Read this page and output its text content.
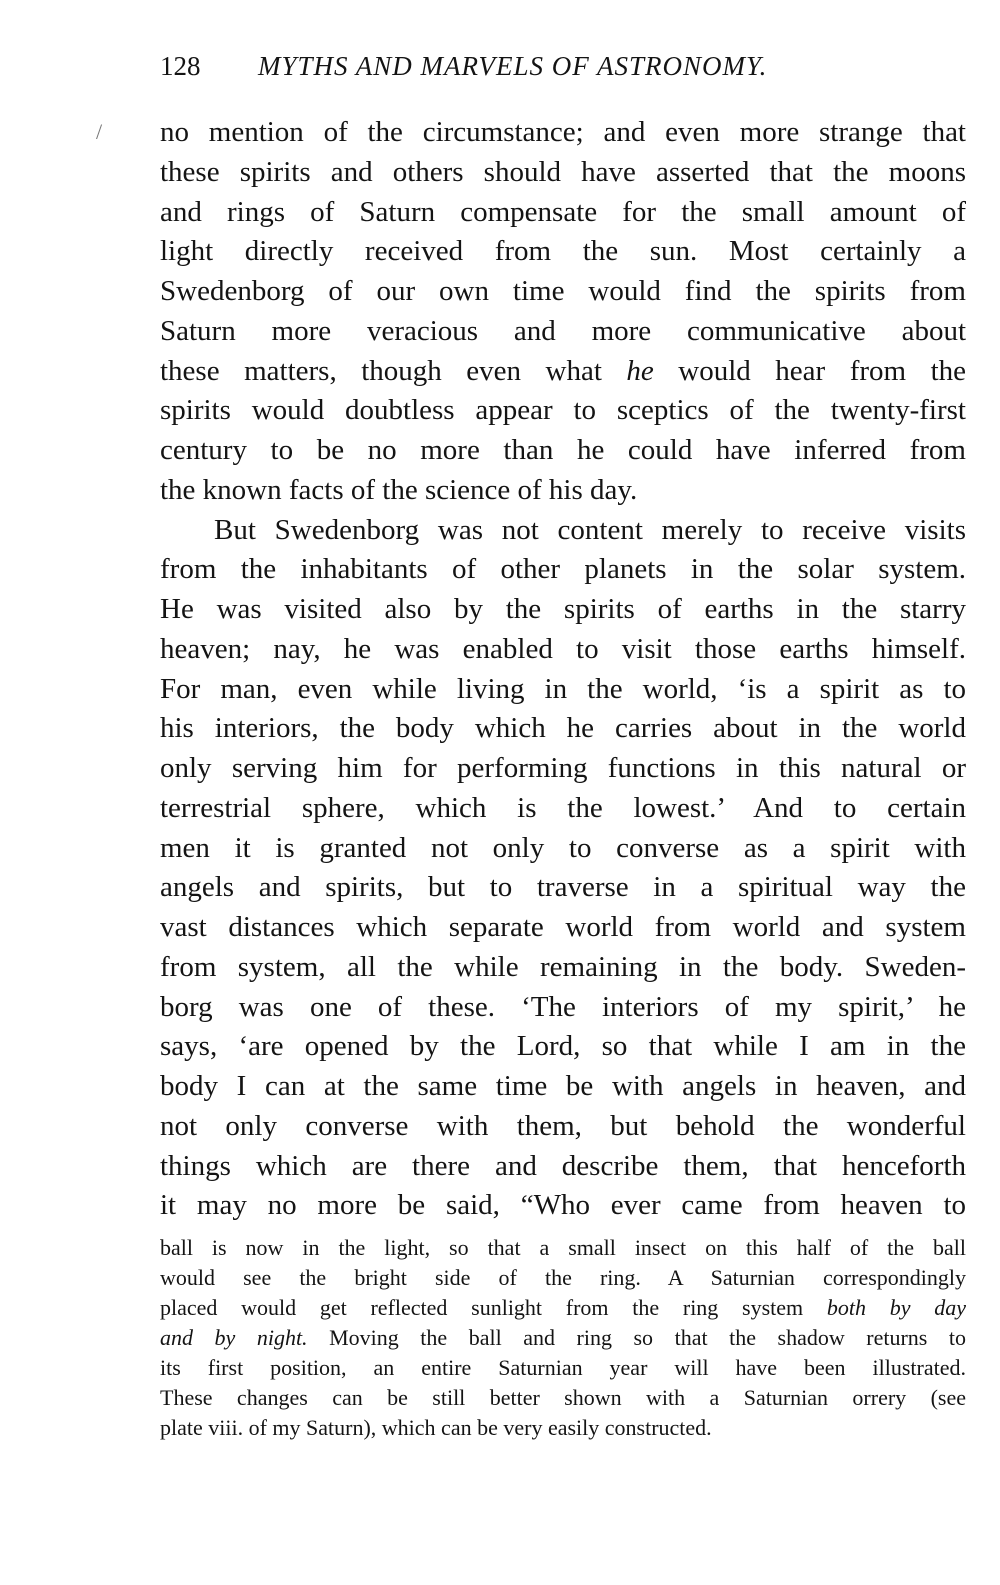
/
128 MYTHS AND MARVELS OF ASTRONOMY.
no mention of the circumstance; and even more strange that
these spirits and others should have asserted that the moons
and rings of Saturn compensate for the small amount of
light directly received from the sun. Most certainly a
Swedenborg of our own time would find the spirits from
Saturn more veracious and more communicative about
these matters, though even what he would hear from the
spirits would doubtless appear to sceptics of the twenty-first
century to be no more than he could have inferred from
the known facts of the science of his day.
But Swedenborg was not content merely to receive visits
from the inhabitants of other planets in the solar system.
He was visited also by the spirits of earths in the starry
heaven; nay, he was enabled to visit those earths himself.
For man, even while living in the world, ‘is a spirit as to
his interiors, the body which he carries about in the world
only serving him for performing functions in this natural or
terrestrial sphere, which is the lowest.’ And to certain
men it is granted not only to converse as a spirit with
angels and spirits, but to traverse in a spiritual way the
vast distances which separate world from world and system
from system, all the while remaining in the body. Sweden-
borg was one of these. ‘The interiors of my spirit,’ he
says, ‘are opened by the Lord, so that while I am in the
body I can at the same time be with angels in heaven, and
not only converse with them, but behold the wonderful
things which are there and describe them, that henceforth
it may no more be said, “Who ever came from heaven to
ball is now in the light, so that a small insect on this half of the ball
would see the bright side of the ring. A Saturnian correspondingly
placed would get reflected sunlight from the ring system both by day
and by night. Moving the ball and ring so that the shadow returns to
its first position, an entire Saturnian year will have been illustrated.
These changes can be still better shown with a Saturnian orrery (see
plate viii. of my Saturn), which can be very easily constructed.
